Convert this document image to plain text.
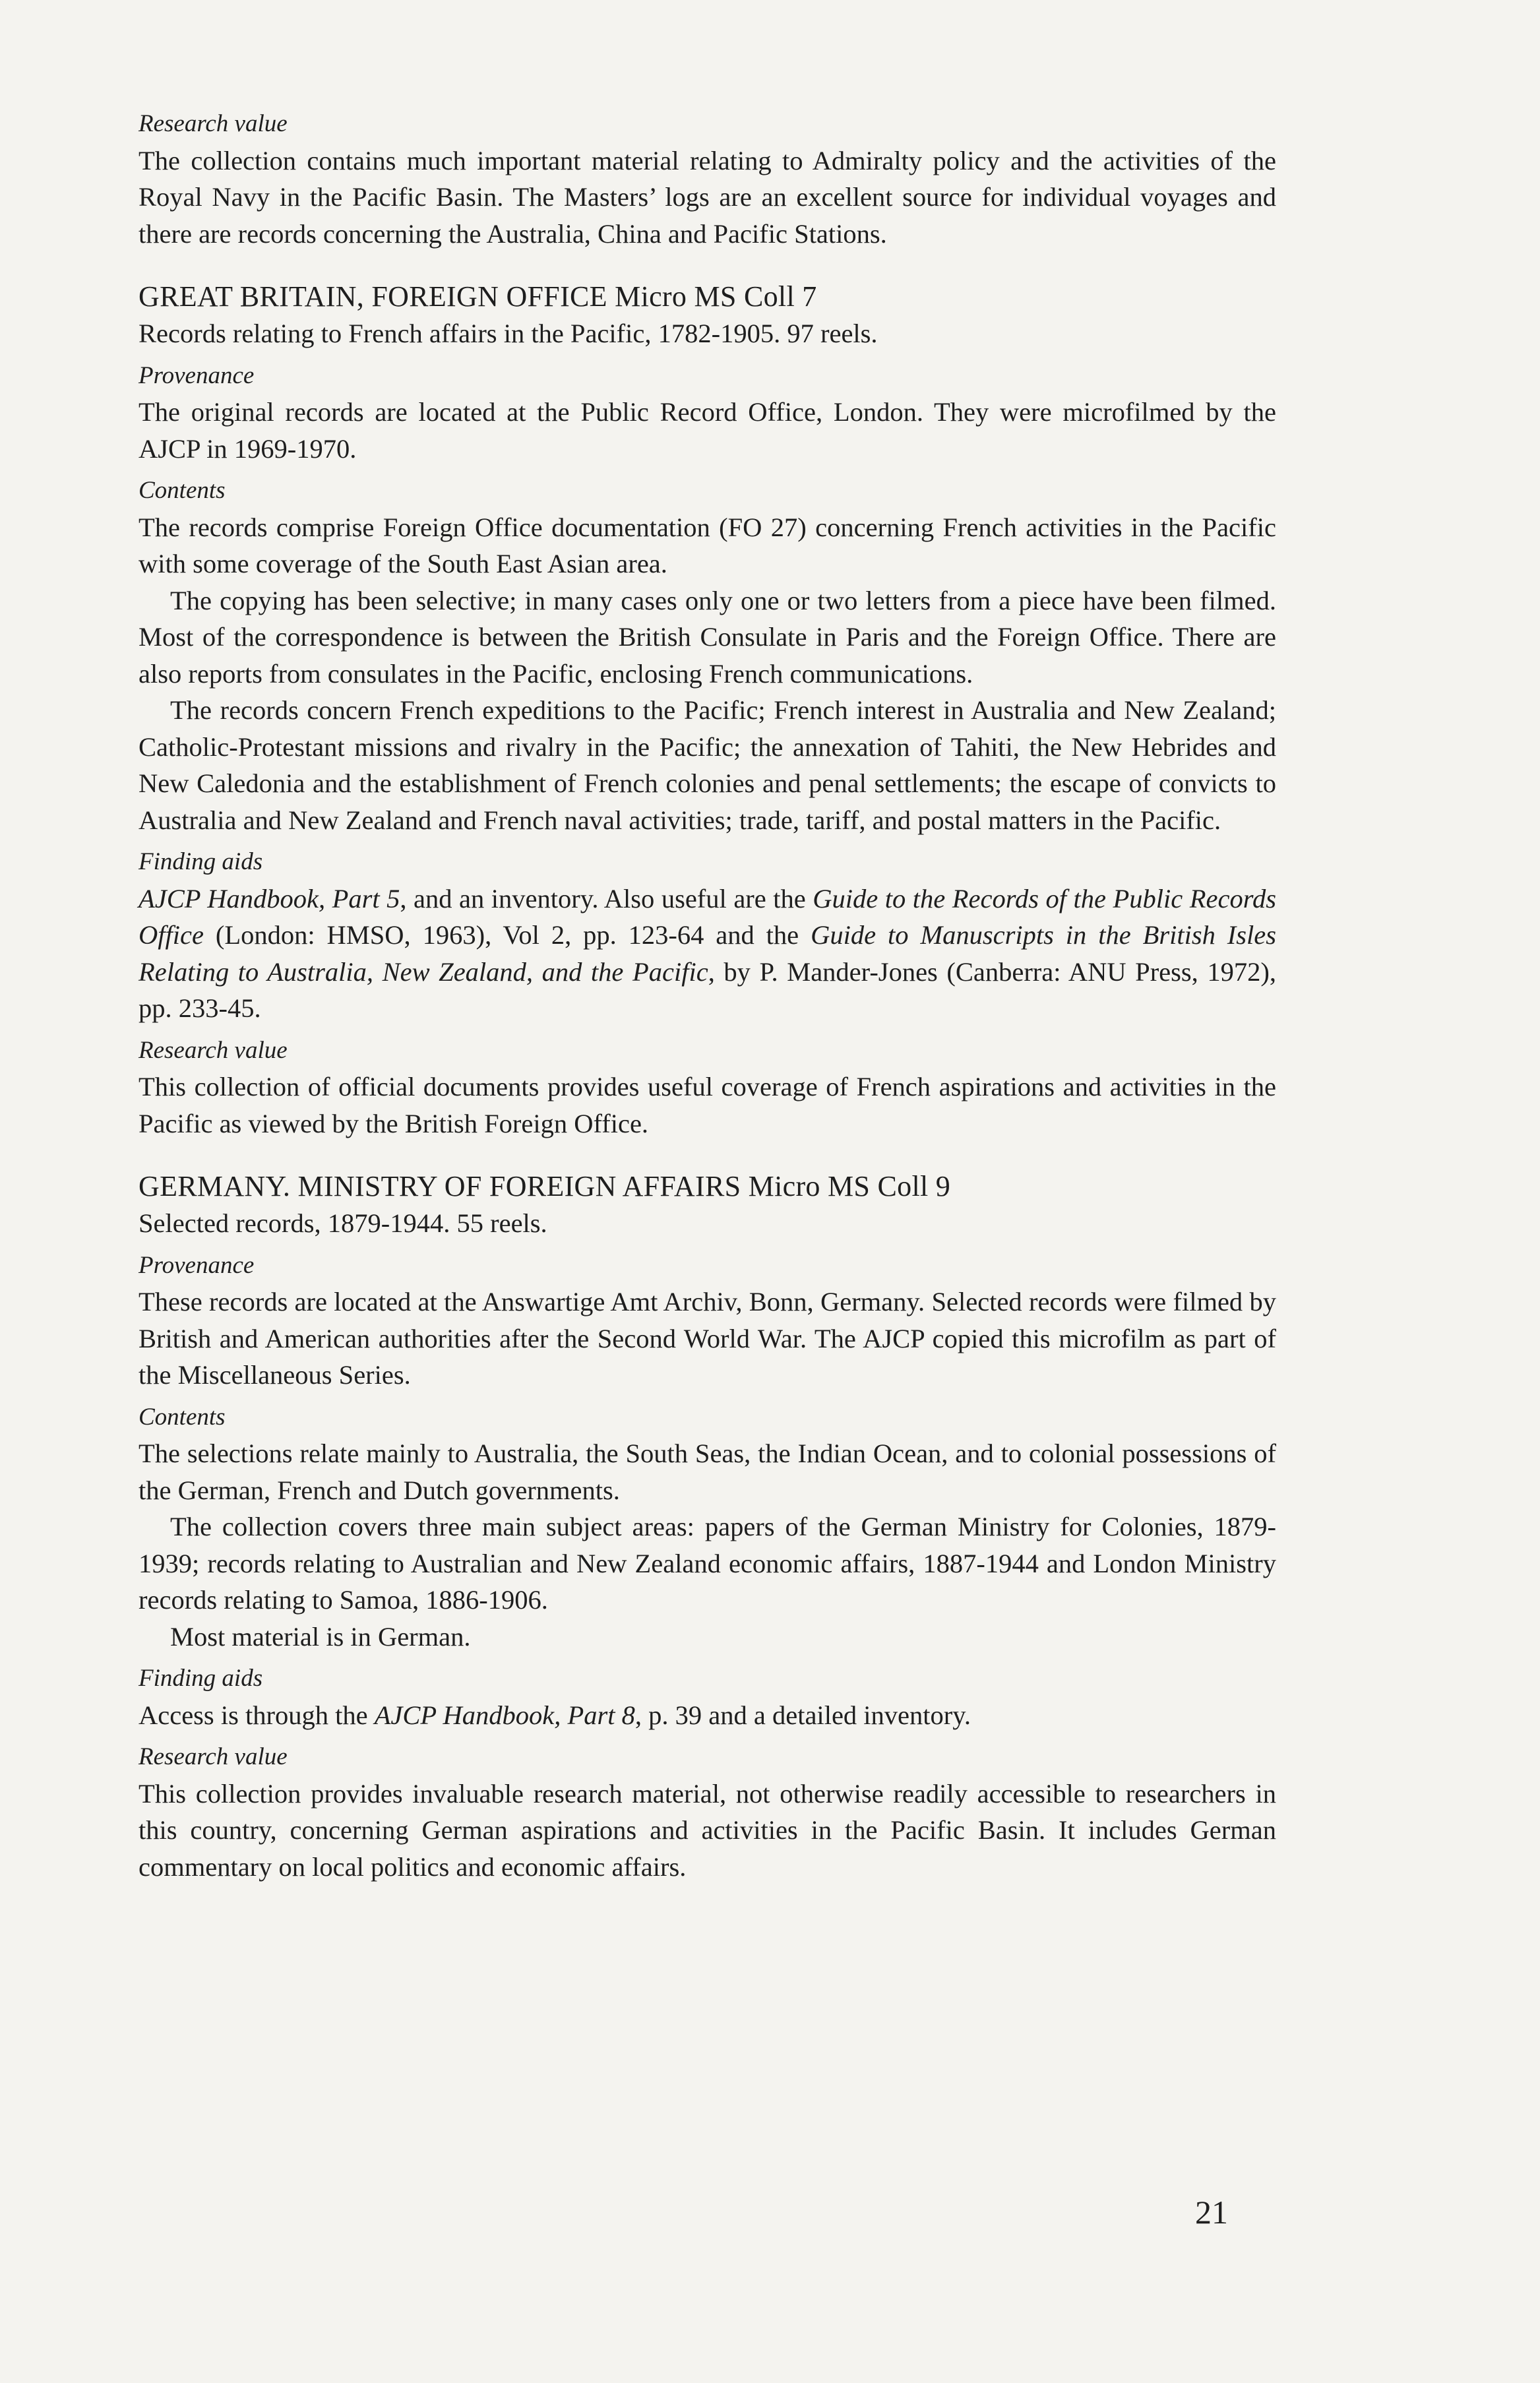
Research value

The collection contains much important material relating to Admiralty policy and the activities of the Royal Navy in the Pacific Basin. The Masters’ logs are an excellent source for individual voyages and there are records concerning the Australia, China and Pacific Stations.

GREAT BRITAIN, FOREIGN OFFICE Micro MS Coll 7

Records relating to French affairs in the Pacific, 1782-1905. 97 reels.

Provenance

The original records are located at the Public Record Office, London. They were microfilmed by the AJCP in 1969-1970.

Contents

The records comprise Foreign Office documentation (FO 27) concerning French activities in the Pacific with some coverage of the South East Asian area.

The copying has been selective; in many cases only one or two letters from a piece have been filmed. Most of the correspondence is between the British Consulate in Paris and the Foreign Office. There are also reports from consulates in the Pacific, enclosing French communications.

The records concern French expeditions to the Pacific; French interest in Australia and New Zealand; Catholic-Protestant missions and rivalry in the Pacific; the annexation of Tahiti, the New Hebrides and New Caledonia and the establishment of French colonies and penal settlements; the escape of convicts to Australia and New Zealand and French naval activities; trade, tariff, and postal matters in the Pacific.

Finding aids

AJCP Handbook, Part 5, and an inventory. Also useful are the Guide to the Records of the Public Records Office (London: HMSO, 1963), Vol 2, pp. 123-64 and the Guide to Manuscripts in the British Isles Relating to Australia, New Zealand, and the Pacific, by P. Mander-Jones (Canberra: ANU Press, 1972), pp. 233-45.

Research value

This collection of official documents provides useful coverage of French aspirations and activities in the Pacific as viewed by the British Foreign Office.

GERMANY. MINISTRY OF FOREIGN AFFAIRS Micro MS Coll 9

Selected records, 1879-1944. 55 reels.

Provenance

These records are located at the Answartige Amt Archiv, Bonn, Germany. Selected records were filmed by British and American authorities after the Second World War. The AJCP copied this microfilm as part of the Miscellaneous Series.

Contents

The selections relate mainly to Australia, the South Seas, the Indian Ocean, and to colonial possessions of the German, French and Dutch governments.

The collection covers three main subject areas: papers of the German Ministry for Colonies, 1879-1939; records relating to Australian and New Zealand economic affairs, 1887-1944 and London Ministry records relating to Samoa, 1886-1906.

Most material is in German.

Finding aids

Access is through the AJCP Handbook, Part 8, p. 39 and a detailed inventory.

Research value

This collection provides invaluable research material, not otherwise readily accessible to researchers in this country, concerning German aspirations and activities in the Pacific Basin. It includes German commentary on local politics and economic affairs.

21
